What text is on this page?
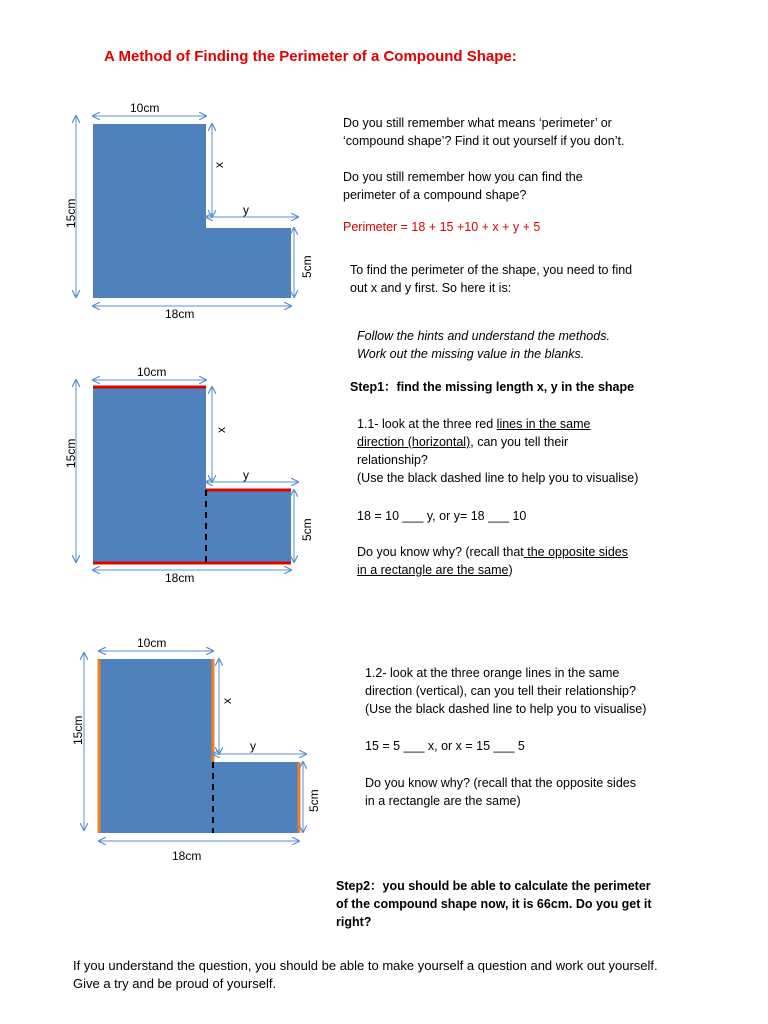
A Method of Finding the Perimeter of a Compound Shape:
10cm
18cm
15cm
5cm
x
y

Do you still remember what means ‘perimeter’ or

‘compound shape’? Find it out yourself if you don’t.

Do you still remember how you can find the

perimeter of a compound shape?

Perimeter = 18 + 15 +10 + x + y + 5

To find the perimeter of the shape, you need to find

out x and y first. So here it is:

Follow the hints and understand the methods.

Work out the missing value in the blanks.

Step1：find the missing length x, y in the shape
10cm
18cm
15cm
5cm
x
y

1.1- look at the three red lines in the same

direction (horizontal), can you tell their

relationship?

(Use the black dashed line to help you to visualise)

18 = 10 ___ y, or y= 18 ___ 10

Do you know why? (recall that the opposite sides

in a rectangle are the same)

10cm
18cm
15cm
5cm
x
y

1.2- look at the three orange lines in the same

direction (vertical), can you tell their relationship?

(Use the black dashed line to help you to visualise)

15 = 5 ___ x, or x = 15 ___ 5

Do you know why? (recall that the opposite sides

in a rectangle are the same)

Step2：you should be able to calculate the perimeter

of the compound shape now, it is 66cm. Do you get it

right?

If you understand the question, you should be able to make yourself a question and work out yourself.

Give a try and be proud of yourself.
